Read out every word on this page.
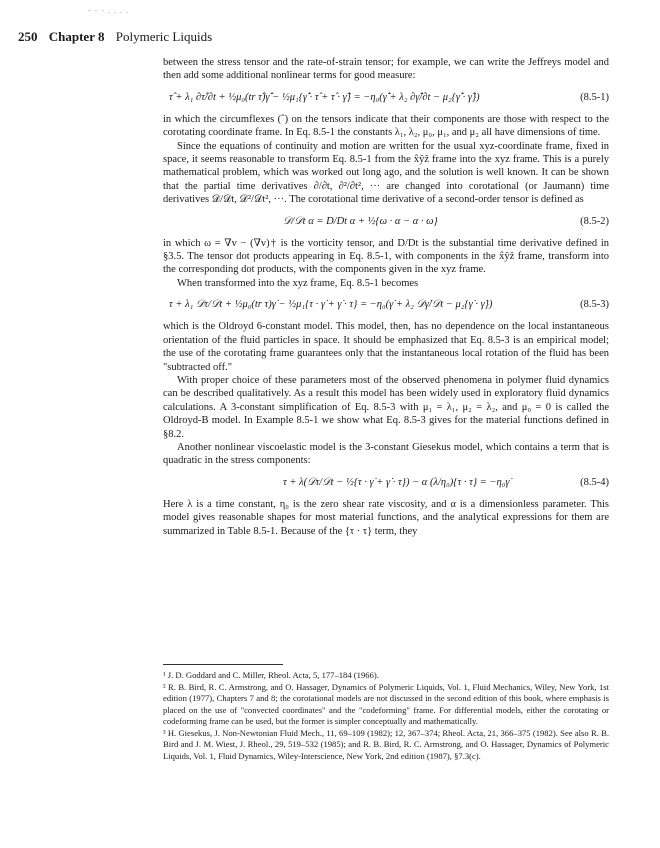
- - - . . . .
250 Chapter 8 Polymeric Liquids

between the stress tensor and the rate-of-strain tensor; for example, we can write the Jeffreys model and then add some additional nonlinear terms for good measure:

τ̂ + λ₁ ∂τ̂/∂t + ½μ₀(tr τ̂)γ̇̂ − ½μ₁{γ̇̂ · τ̂ + τ̂ · γ̇̂} = −η₀(γ̇̂ + λ₂ ∂γ̇̂/∂t − μ₂{γ̇̂ · γ̇̂})	(8.5-1)

in which the circumflexes (ˆ) on the tensors indicate that their components are those with respect to the corotating coordinate frame. In Eq. 8.5-1 the constants λ₁, λ₂, μ₀, μ₁, and μ₂ all have dimensions of time.

Since the equations of continuity and motion are written for the usual xyz-coordinate frame, fixed in space, it seems reasonable to transform Eq. 8.5-1 from the x̂ŷẑ frame into the xyz frame. This is a purely mathematical problem, which was worked out long ago, and the solution is well known. It can be shown that the partial time derivatives ∂/∂t, ∂²/∂t², ··· are changed into corotational (or Jaumann) time derivatives 𝒟/𝒟t, 𝒟²/𝒟t², ···. The corotational time derivative of a second-order tensor is defined as

𝒟/𝒟t α = D/Dt α + ½{ω · α − α · ω}	(8.5-2)

in which ω = ∇v − (∇v)† is the vorticity tensor, and D/Dt is the substantial time derivative defined in §3.5. The tensor dot products appearing in Eq. 8.5-1, with components in the x̂ŷẑ frame, transform into the corresponding dot products, with the components given in the xyz frame.

When transformed into the xyz frame, Eq. 8.5-1 becomes

τ + λ₁ 𝒟τ/𝒟t + ½μ₀(tr τ)γ̇ − ½μ₁{τ · γ̇ + γ̇ · τ} = −η₀(γ̇ + λ₂ 𝒟γ̇/𝒟t − μ₂{γ̇ · γ̇})	(8.5-3)

which is the Oldroyd 6-constant model. This model, then, has no dependence on the local instantaneous orientation of the fluid particles in space. It should be emphasized that Eq. 8.5-3 is an empirical model; the use of the corotating frame guarantees only that the instantaneous local rotation of the fluid has been "subtracted off."

With proper choice of these parameters most of the observed phenomena in polymer fluid dynamics can be described qualitatively. As a result this model has been widely used in exploratory fluid dynamics calculations. A 3-constant simplification of Eq. 8.5-3 with μ₁ = λ₁, μ₂ = λ₂, and μ₀ = 0 is called the Oldroyd-B model. In Example 8.5-1 we show what Eq. 8.5-3 gives for the material functions defined in §8.2.

Another nonlinear viscoelastic model is the 3-constant Giesekus model, which contains a term that is quadratic in the stress components:

τ + λ(𝒟τ/𝒟t − ½{τ · γ̇ + γ̇ · τ}) − α (λ/η₀){τ · τ} = −η₀γ̇	(8.5-4)

Here λ is a time constant, η₀ is the zero shear rate viscosity, and α is a dimensionless parameter. This model gives reasonable shapes for most material functions, and the analytical expressions for them are summarized in Table 8.5-1. Because of the {τ · τ} term, they

¹ J. D. Goddard and C. Miller, Rheol. Acta, 5, 177–184 (1966).

² R. B. Bird, R. C. Armstrong, and O. Hassager, Dynamics of Polymeric Liquids, Vol. 1, Fluid Mechanics, Wiley, New York, 1st edition (1977), Chapters 7 and 8; the corotational models are not discussed in the second edition of this book, where emphasis is placed on the use of "convected coordinates" and the "codeforming" frame. For differential models, either the corotating or codeforming frame can be used, but the former is simpler conceptually and mathematically.

³ H. Giesekus, J. Non-Newtonian Fluid Mech., 11, 69–109 (1982); 12, 367–374; Rheol. Acta, 21, 366–375 (1982). See also R. B. Bird and J. M. Wiest, J. Rheol., 29, 519–532 (1985); and R. B. Bird, R. C. Armstrong, and O. Hassager, Dynamics of Polymeric Liquids, Vol. 1, Fluid Dynamics, Wiley-Interscience, New York, 2nd edition (1987), §7.3(c).
